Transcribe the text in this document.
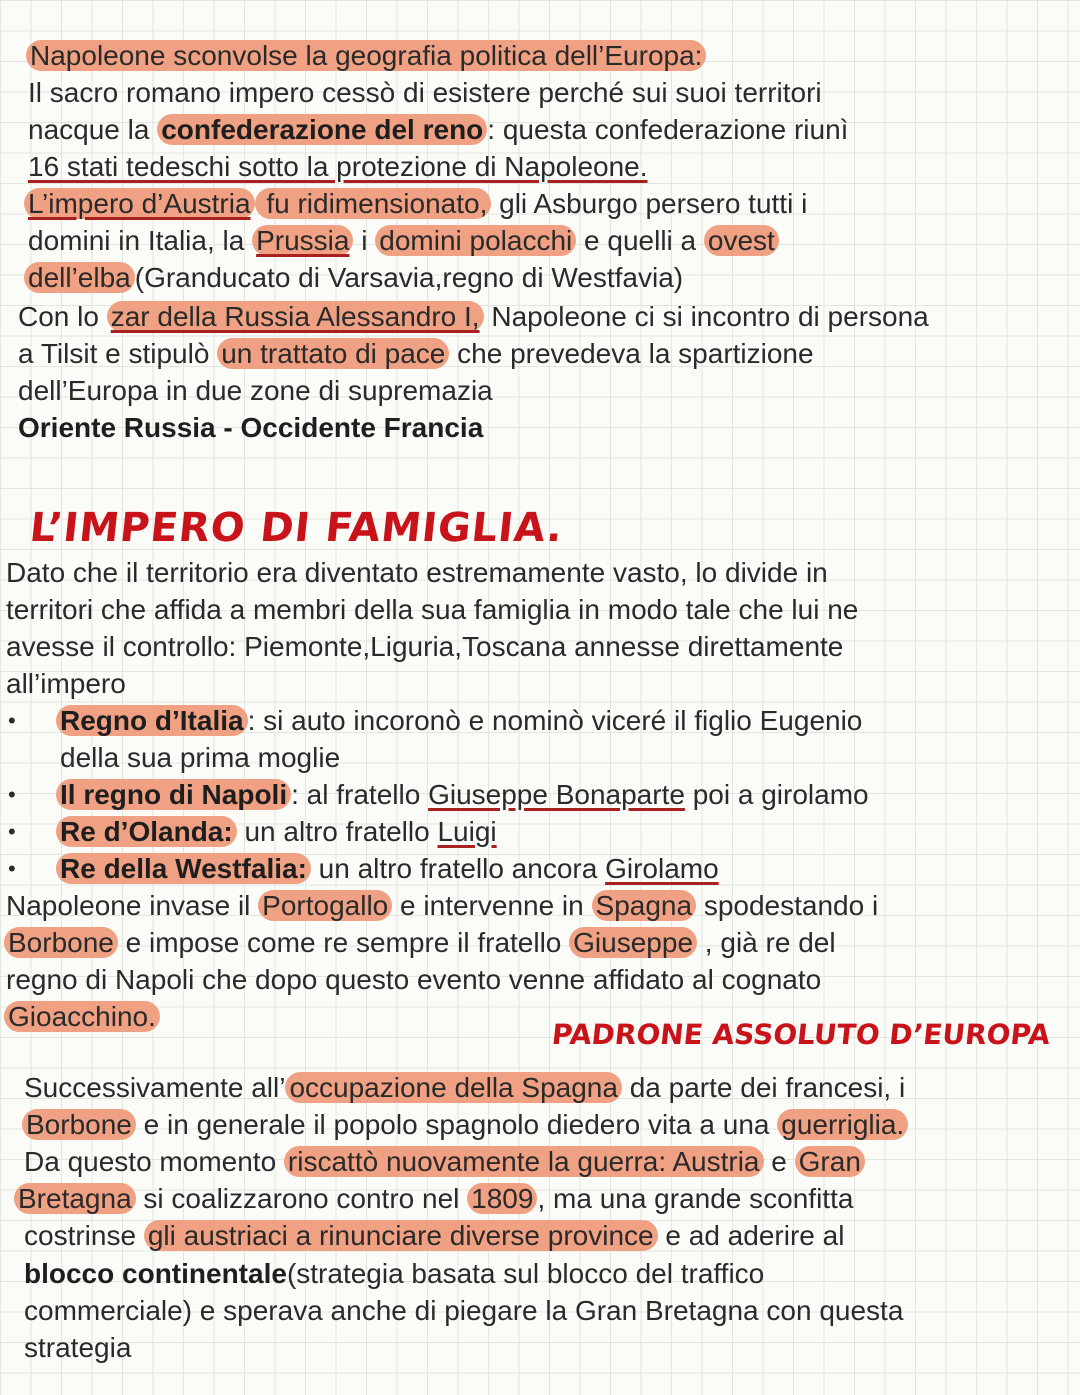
Napoleone sconvolse la geografia politica dell’Europa:
Il sacro romano impero cessò di esistere perché sui suoi territori
nacque la confederazione del reno : questa confederazione riunì
16 stati tedeschi sotto la protezione di Napoleone.
L’impero d’Austria fu ridimensionato, gli Asburgo persero tutti i
domini in Italia, la Prussia i domini polacchi e quelli a ovest
dell’elba (Granducato di Varsavia,regno di Westfavia)
Con lo zar della Russia Alessandro I, Napoleone ci si incontro di persona
a Tilsit e stipulò un trattato di pace che prevedeva la spartizione
dell’Europa in due zone di supremazia
Oriente Russia - Occidente Francia
L’IMPERO DI FAMIGLIA.
Dato che il territorio era diventato estremamente vasto, lo divide in
territori che affida a membri della sua famiglia in modo tale che lui ne
avesse il controllo: Piemonte,Liguria,Toscana annesse direttamente
all’impero
• Regno d’Italia : si auto incoronò e nominò viceré il figlio Eugenio
della sua prima moglie
• Il regno di Napoli : al fratello Giuseppe Bonaparte poi a girolamo
• Re d’Olanda: un altro fratello Luigi
• Re della Westfalia: un altro fratello ancora Girolamo
Napoleone invase il Portogallo e intervenne in Spagna spodestando i
Borbone e impose come re sempre il fratello Giuseppe , già re del
regno di Napoli che dopo questo evento venne affidato al cognato
Gioacchino.
PADRONE ASSOLUTO D’EUROPA
Successivamente all’ occupazione della Spagna da parte dei francesi, i
Borbone e in generale il popolo spagnolo diedero vita a una guerriglia.
Da questo momento riscattò nuovamente la guerra: Austria e Gran
Bretagna si coalizzarono contro nel 1809 , ma una grande sconfitta
costrinse gli austriaci a rinunciare diverse province e ad aderire al
blocco continentale(strategia basata sul blocco del traffico
commerciale) e sperava anche di piegare la Gran Bretagna con questa
strategia
